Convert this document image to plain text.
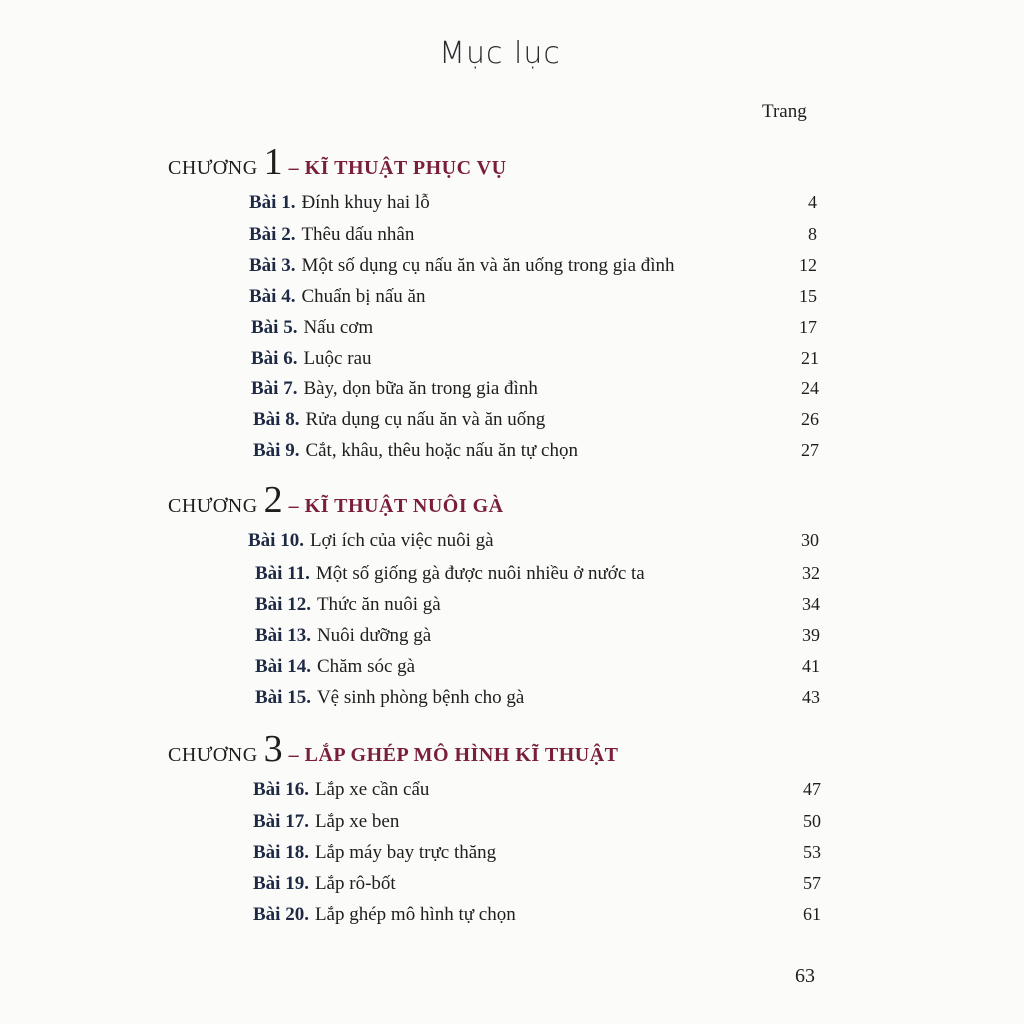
Mục lục
Trang
CHƯƠNG 1 – KĨ THUẬT PHỤC VỤ
Bài 1. Đính khuy hai lỗ	4
Bài 2. Thêu dấu nhân	8
Bài 3. Một số dụng cụ nấu ăn và ăn uống trong gia đình	12
Bài 4. Chuẩn bị nấu ăn	15
Bài 5. Nấu cơm	17
Bài 6. Luộc rau	21
Bài 7. Bày, dọn bữa ăn trong gia đình	24
Bài 8. Rửa dụng cụ nấu ăn và ăn uống	26
Bài 9. Cắt, khâu, thêu hoặc nấu ăn tự chọn	27
CHƯƠNG 2 – KĨ THUẬT NUÔI GÀ
Bài 10. Lợi ích của việc nuôi gà	30
Bài 11. Một số giống gà được nuôi nhiều ở nước ta	32
Bài 12. Thức ăn nuôi gà	34
Bài 13. Nuôi dưỡng gà	39
Bài 14. Chăm sóc gà	41
Bài 15. Vệ sinh phòng bệnh cho gà	43
CHƯƠNG 3 – LẮP GHÉP MÔ HÌNH KĨ THUẬT
Bài 16. Lắp xe cần cẩu	47
Bài 17. Lắp xe ben	50
Bài 18. Lắp máy bay trực thăng	53
Bài 19. Lắp rô-bốt	57
Bài 20. Lắp ghép mô hình tự chọn	61
63
